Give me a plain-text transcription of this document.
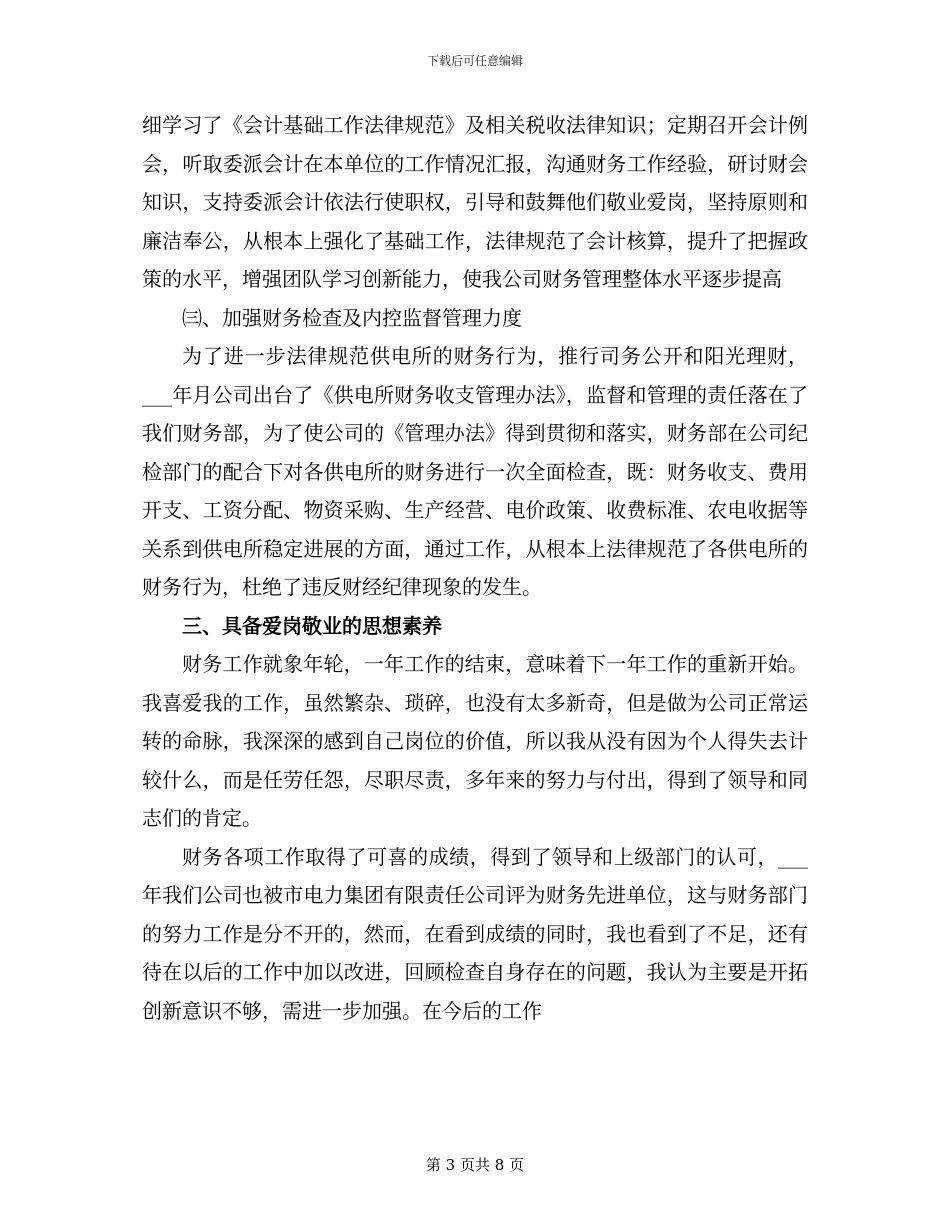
下载后可任意编辑

细学习了《会计基础工作法律规范》及相关税收法律知识；定期召开会计例会，听取委派会计在本单位的工作情况汇报，沟通财务工作经验，研讨财会知识，支持委派会计依法行使职权，引导和鼓舞他们敬业爱岗，坚持原则和廉洁奉公，从根本上强化了基础工作，法律规范了会计核算，提升了把握政策的水平，增强团队学习创新能力，使我公司财务管理整体水平逐步提高

㈢、加强财务检查及内控监督管理力度

为了进一步法律规范供电所的财务行为，推行司务公开和阳光理财，___年月公司出台了《供电所财务收支管理办法》，监督和管理的责任落在了我们财务部，为了使公司的《管理办法》得到贯彻和落实，财务部在公司纪检部门的配合下对各供电所的财务进行一次全面检查，既：财务收支、费用开支、工资分配、物资采购、生产经营、电价政策、收费标准、农电收据等关系到供电所稳定进展的方面，通过工作，从根本上法律规范了各供电所的财务行为，杜绝了违反财经纪律现象的发生。

三、具备爱岗敬业的思想素养

财务工作就象年轮，一年工作的结束，意味着下一年工作的重新开始。我喜爱我的工作，虽然繁杂、琐碎，也没有太多新奇，但是做为公司正常运转的命脉，我深深的感到自己岗位的价值，所以我从没有因为个人得失去计较什么，而是任劳任怨，尽职尽责，多年来的努力与付出，得到了领导和同志们的肯定。

财务各项工作取得了可喜的成绩，得到了领导和上级部门的认可，___年我们公司也被市电力集团有限责任公司评为财务先进单位，这与财务部门的努力工作是分不开的，然而，在看到成绩的同时，我也看到了不足，还有待在以后的工作中加以改进，回顾检查自身存在的问题，我认为主要是开拓创新意识不够，需进一步加强。在今后的工作

第 3 页共 8 页
